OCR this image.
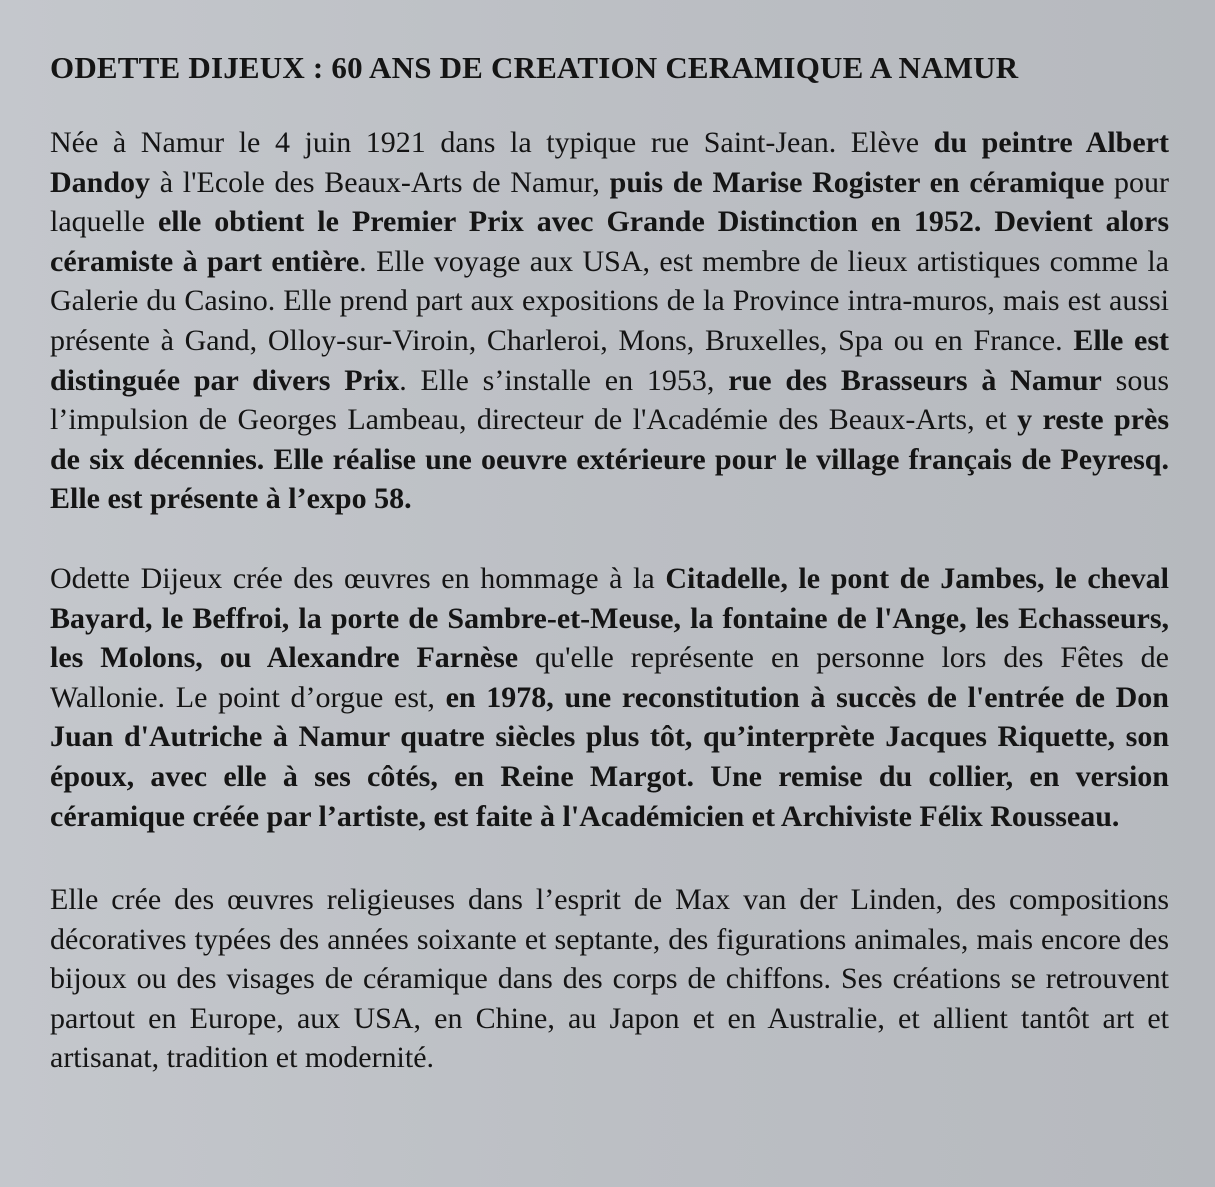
ODETTE DIJEUX : 60 ANS DE CREATION CERAMIQUE A NAMUR

Née à Namur le 4 juin 1921 dans la typique rue Saint-Jean. Elève du peintre Albert Dandoy à l'Ecole des Beaux-Arts de Namur, puis de Marise Rogister en céramique pour laquelle elle obtient le Premier Prix avec Grande Distinction en 1952. Devient alors céramiste à part entière. Elle voyage aux USA, est membre de lieux artistiques comme la Galerie du Casino. Elle prend part aux expositions de la Province intra-muros, mais est aussi présente à Gand, Olloy-sur-Viroin, Charleroi, Mons, Bruxelles, Spa ou en France. Elle est distinguée par divers Prix. Elle s’installe en 1953, rue des Brasseurs à Namur sous l’impulsion de Georges Lambeau, directeur de l'Académie des Beaux-Arts, et y reste près de six décennies. Elle réalise une oeuvre extérieure pour le village français de Peyresq. Elle est présente à l’expo 58.

Odette Dijeux crée des œuvres en hommage à la Citadelle, le pont de Jambes, le cheval Bayard, le Beffroi, la porte de Sambre-et-Meuse, la fontaine de l'Ange, les Echasseurs, les Molons, ou Alexandre Farnèse qu'elle représente en personne lors des Fêtes de Wallonie. Le point d’orgue est, en 1978, une reconstitution à succès de l'entrée de Don Juan d'Autriche à Namur quatre siècles plus tôt, qu’interprète Jacques Riquette, son époux, avec elle à ses côtés, en Reine Margot. Une remise du collier, en version céramique créée par l’artiste, est faite à l'Académicien et Archiviste Félix Rousseau.

Elle crée des œuvres religieuses dans l’esprit de Max van der Linden, des compositions décoratives typées des années soixante et septante, des figurations animales, mais encore des bijoux ou des visages de céramique dans des corps de chiffons. Ses créations se retrouvent partout en Europe, aux USA, en Chine, au Japon et en Australie, et allient tantôt art et artisanat, tradition et modernité.
